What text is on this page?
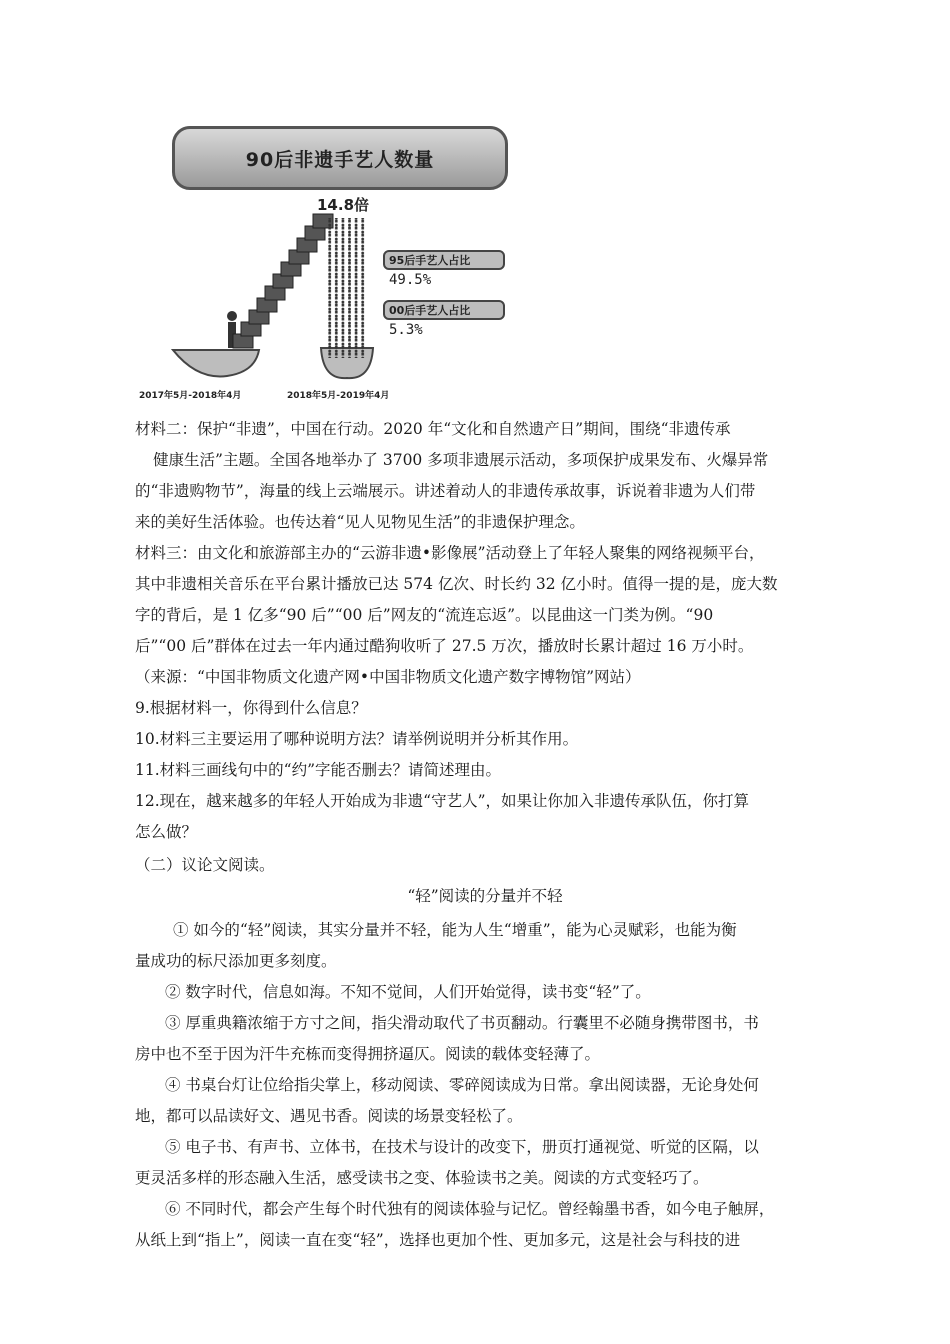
90后非遗手艺人数量
14.8倍
95后手艺人占比
49.5%
00后手艺人占比
5.3%
2017年5月-2018年4月	2018年5月-2019年4月

材料二：保护“非遗”，中国在行动。2020 年“文化和自然遗产日”期间，围绕“非遗传承

健康生活”主题。全国各地举办了 3700 多项非遗展示活动，多项保护成果发布、火爆异常

的“非遗购物节”，海量的线上云端展示。讲述着动人的非遗传承故事，诉说着非遗为人们带

来的美好生活体验。也传达着“见人见物见生活”的非遗保护理念。

材料三：由文化和旅游部主办的“云游非遗•影像展”活动登上了年轻人聚集的网络视频平台，

其中非遗相关音乐在平台累计播放已达 574 亿次、时长约 32 亿小时。值得一提的是，庞大数

字的背后，是 1 亿多“90 后”“00 后”网友的“流连忘返”。以昆曲这一门类为例。“90

后”“00 后”群体在过去一年内通过酷狗收听了 27.5 万次，播放时长累计超过 16 万小时。

（来源：“中国非物质文化遗产网•中国非物质文化遗产数字博物馆”网站）

9.根据材料一，你得到什么信息？

10.材料三主要运用了哪种说明方法？请举例说明并分析其作用。

11.材料三画线句中的“约”字能否删去？请简述理由。

12.现在，越来越多的年轻人开始成为非遗“守艺人”，如果让你加入非遗传承队伍，你打算

怎么做？

（二）议论文阅读。

“轻”阅读的分量并不轻

① 如今的“轻”阅读，其实分量并不轻，能为人生“增重”，能为心灵赋彩，也能为衡

量成功的标尺添加更多刻度。

② 数字时代，信息如海。不知不觉间，人们开始觉得，读书变“轻”了。

③ 厚重典籍浓缩于方寸之间，指尖滑动取代了书页翻动。行囊里不必随身携带图书，书

房中也不至于因为汗牛充栋而变得拥挤逼仄。阅读的载体变轻薄了。

④ 书桌台灯让位给指尖掌上，移动阅读、零碎阅读成为日常。拿出阅读器，无论身处何

地，都可以品读好文、遇见书香。阅读的场景变轻松了。

⑤ 电子书、有声书、立体书，在技术与设计的改变下，册页打通视觉、听觉的区隔，以

更灵活多样的形态融入生活，感受读书之变、体验读书之美。阅读的方式变轻巧了。

⑥ 不同时代，都会产生每个时代独有的阅读体验与记忆。曾经翰墨书香，如今电子触屏，

从纸上到“指上”，阅读一直在变“轻”，选择也更加个性、更加多元，这是社会与科技的进
